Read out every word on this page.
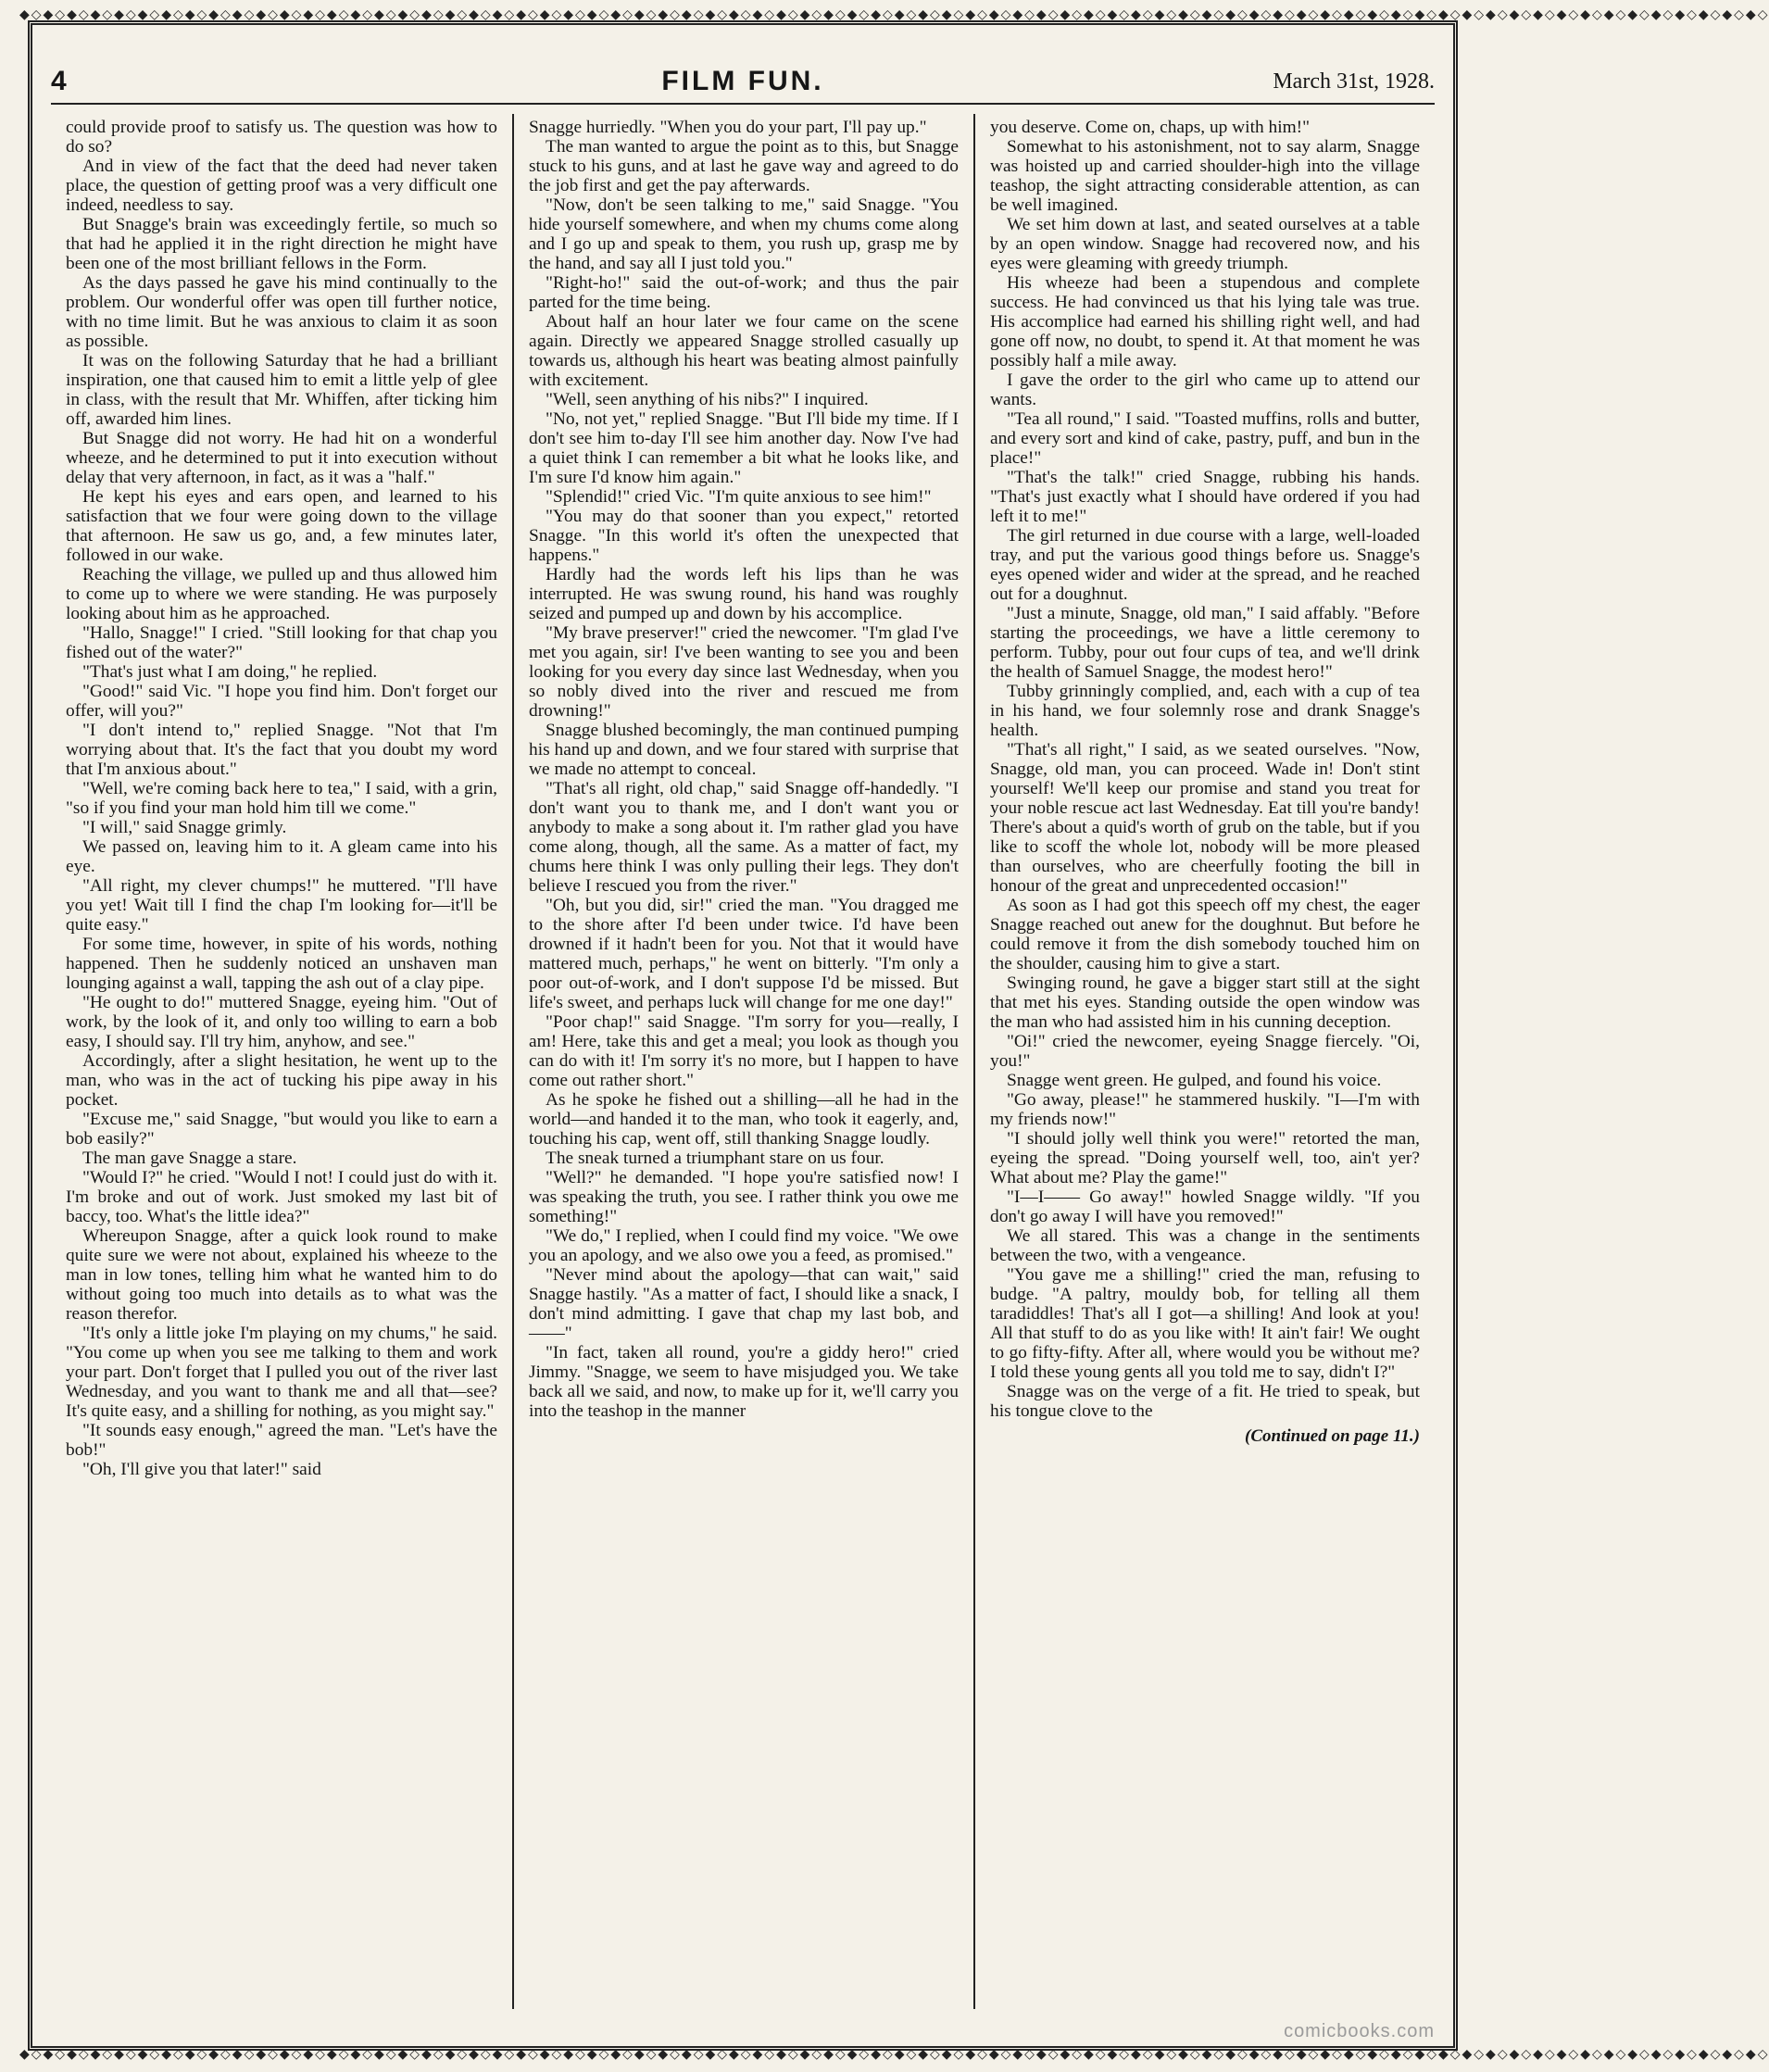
◆◇◆◇◆◇◆◇◆◇◆◇◆◇◆◇◆◇◆◇◆◇◆◇◆◇◆◇◆◇◆◇◆◇◆◇◆◇◆◇◆◇◆◇◆◇◆◇◆◇◆◇◆◇◆◇◆◇◆◇◆◇◆◇◆◇◆◇◆◇◆◇◆◇◆◇◆◇◆◇◆◇◆◇◆◇◆◇◆◇◆◇◆◇◆◇◆◇◆◇◆◇◆◇◆◇◆◇◆◇◆◇◆◇◆◇◆◇◆◇◆◇◆◇◆◇◆◇◆◇◆◇◆◇◆◇◆◇◆◇◆◇◆◇◆◇◆◇
◆◇◆◇◆◇◆◇◆◇◆◇◆◇◆◇◆◇◆◇◆◇◆◇◆◇◆◇◆◇◆◇◆◇◆◇◆◇◆◇◆◇◆◇◆◇◆◇◆◇◆◇◆◇◆◇◆◇◆◇◆◇◆◇◆◇◆◇◆◇◆◇◆◇◆◇◆◇◆◇◆◇◆◇◆◇◆◇◆◇◆◇◆◇◆◇◆◇◆◇◆◇◆◇◆◇◆◇◆◇◆◇◆◇◆◇◆◇◆◇◆◇◆◇◆◇◆◇◆◇◆◇◆◇◆◇◆◇◆◇◆◇◆◇◆◇◆◇
4	FILM FUN.	March 31st, 1928.

could provide proof to satisfy us. The question was how to do so?

And in view of the fact that the deed had never taken place, the question of getting proof was a very difficult one indeed, needless to say.

But Snagge's brain was exceedingly fertile, so much so that had he applied it in the right direction he might have been one of the most brilliant fellows in the Form.

As the days passed he gave his mind continually to the problem. Our wonderful offer was open till further notice, with no time limit. But he was anxious to claim it as soon as possible.

It was on the following Saturday that he had a brilliant inspiration, one that caused him to emit a little yelp of glee in class, with the result that Mr. Whiffen, after ticking him off, awarded him lines.

But Snagge did not worry. He had hit on a wonderful wheeze, and he determined to put it into execution without delay that very afternoon, in fact, as it was a "half."

He kept his eyes and ears open, and learned to his satisfaction that we four were going down to the village that afternoon. He saw us go, and, a few minutes later, followed in our wake.

Reaching the village, we pulled up and thus allowed him to come up to where we were standing. He was purposely looking about him as he approached.

"Hallo, Snagge!" I cried. "Still looking for that chap you fished out of the water?"

"That's just what I am doing," he replied.

"Good!" said Vic. "I hope you find him. Don't forget our offer, will you?"

"I don't intend to," replied Snagge. "Not that I'm worrying about that. It's the fact that you doubt my word that I'm anxious about."

"Well, we're coming back here to tea," I said, with a grin, "so if you find your man hold him till we come."

"I will," said Snagge grimly.

We passed on, leaving him to it. A gleam came into his eye.

"All right, my clever chumps!" he muttered. "I'll have you yet! Wait till I find the chap I'm looking for—it'll be quite easy."

For some time, however, in spite of his words, nothing happened. Then he suddenly noticed an unshaven man lounging against a wall, tapping the ash out of a clay pipe.

"He ought to do!" muttered Snagge, eyeing him. "Out of work, by the look of it, and only too willing to earn a bob easy, I should say. I'll try him, anyhow, and see."

Accordingly, after a slight hesitation, he went up to the man, who was in the act of tucking his pipe away in his pocket.

"Excuse me," said Snagge, "but would you like to earn a bob easily?"

The man gave Snagge a stare.

"Would I?" he cried. "Would I not! I could just do with it. I'm broke and out of work. Just smoked my last bit of baccy, too. What's the little idea?"

Whereupon Snagge, after a quick look round to make quite sure we were not about, explained his wheeze to the man in low tones, telling him what he wanted him to do without going too much into details as to what was the reason therefor.

"It's only a little joke I'm playing on my chums," he said. "You come up when you see me talking to them and work your part. Don't forget that I pulled you out of the river last Wednesday, and you want to thank me and all that—see? It's quite easy, and a shilling for nothing, as you might say."

"It sounds easy enough," agreed the man. "Let's have the bob!"

"Oh, I'll give you that later!" said

Snagge hurriedly. "When you do your part, I'll pay up."

The man wanted to argue the point as to this, but Snagge stuck to his guns, and at last he gave way and agreed to do the job first and get the pay afterwards.

"Now, don't be seen talking to me," said Snagge. "You hide yourself somewhere, and when my chums come along and I go up and speak to them, you rush up, grasp me by the hand, and say all I just told you."

"Right-ho!" said the out-of-work; and thus the pair parted for the time being.

About half an hour later we four came on the scene again. Directly we appeared Snagge strolled casually up towards us, although his heart was beating almost painfully with excitement.

"Well, seen anything of his nibs?" I inquired.

"No, not yet," replied Snagge. "But I'll bide my time. If I don't see him to-day I'll see him another day. Now I've had a quiet think I can remember a bit what he looks like, and I'm sure I'd know him again."

"Splendid!" cried Vic. "I'm quite anxious to see him!"

"You may do that sooner than you expect," retorted Snagge. "In this world it's often the unexpected that happens."

Hardly had the words left his lips than he was interrupted. He was swung round, his hand was roughly seized and pumped up and down by his accomplice.

"My brave preserver!" cried the newcomer. "I'm glad I've met you again, sir! I've been wanting to see you and been looking for you every day since last Wednesday, when you so nobly dived into the river and rescued me from drowning!"

Snagge blushed becomingly, the man continued pumping his hand up and down, and we four stared with surprise that we made no attempt to conceal.

"That's all right, old chap," said Snagge off-handedly. "I don't want you to thank me, and I don't want you or anybody to make a song about it. I'm rather glad you have come along, though, all the same. As a matter of fact, my chums here think I was only pulling their legs. They don't believe I rescued you from the river."

"Oh, but you did, sir!" cried the man. "You dragged me to the shore after I'd been under twice. I'd have been drowned if it hadn't been for you. Not that it would have mattered much, perhaps," he went on bitterly. "I'm only a poor out-of-work, and I don't suppose I'd be missed. But life's sweet, and perhaps luck will change for me one day!"

"Poor chap!" said Snagge. "I'm sorry for you—really, I am! Here, take this and get a meal; you look as though you can do with it! I'm sorry it's no more, but I happen to have come out rather short."

As he spoke he fished out a shilling—all he had in the world—and handed it to the man, who took it eagerly, and, touching his cap, went off, still thanking Snagge loudly.

The sneak turned a triumphant stare on us four.

"Well?" he demanded. "I hope you're satisfied now! I was speaking the truth, you see. I rather think you owe me something!"

"We do," I replied, when I could find my voice. "We owe you an apology, and we also owe you a feed, as promised."

"Never mind about the apology—that can wait," said Snagge hastily. "As a matter of fact, I should like a snack, I don't mind admitting. I gave that chap my last bob, and——"

"In fact, taken all round, you're a giddy hero!" cried Jimmy. "Snagge, we seem to have misjudged you. We take back all we said, and now, to make up for it, we'll carry you into the teashop in the manner

you deserve. Come on, chaps, up with him!"

Somewhat to his astonishment, not to say alarm, Snagge was hoisted up and carried shoulder-high into the village teashop, the sight attracting considerable attention, as can be well imagined.

We set him down at last, and seated ourselves at a table by an open window. Snagge had recovered now, and his eyes were gleaming with greedy triumph.

His wheeze had been a stupendous and complete success. He had convinced us that his lying tale was true. His accomplice had earned his shilling right well, and had gone off now, no doubt, to spend it. At that moment he was possibly half a mile away.

I gave the order to the girl who came up to attend our wants.

"Tea all round," I said. "Toasted muffins, rolls and butter, and every sort and kind of cake, pastry, puff, and bun in the place!"

"That's the talk!" cried Snagge, rubbing his hands. "That's just exactly what I should have ordered if you had left it to me!"

The girl returned in due course with a large, well-loaded tray, and put the various good things before us. Snagge's eyes opened wider and wider at the spread, and he reached out for a doughnut.

"Just a minute, Snagge, old man," I said affably. "Before starting the proceedings, we have a little ceremony to perform. Tubby, pour out four cups of tea, and we'll drink the health of Samuel Snagge, the modest hero!"

Tubby grinningly complied, and, each with a cup of tea in his hand, we four solemnly rose and drank Snagge's health.

"That's all right," I said, as we seated ourselves. "Now, Snagge, old man, you can proceed. Wade in! Don't stint yourself! We'll keep our promise and stand you treat for your noble rescue act last Wednesday. Eat till you're bandy! There's about a quid's worth of grub on the table, but if you like to scoff the whole lot, nobody will be more pleased than ourselves, who are cheerfully footing the bill in honour of the great and unprecedented occasion!"

As soon as I had got this speech off my chest, the eager Snagge reached out anew for the doughnut. But before he could remove it from the dish somebody touched him on the shoulder, causing him to give a start.

Swinging round, he gave a bigger start still at the sight that met his eyes. Standing outside the open window was the man who had assisted him in his cunning deception.

"Oi!" cried the newcomer, eyeing Snagge fiercely. "Oi, you!"

Snagge went green. He gulped, and found his voice.

"Go away, please!" he stammered huskily. "I—I'm with my friends now!"

"I should jolly well think you were!" retorted the man, eyeing the spread. "Doing yourself well, too, ain't yer? What about me? Play the game!"

"I—I—— Go away!" howled Snagge wildly. "If you don't go away I will have you removed!"

We all stared. This was a change in the sentiments between the two, with a vengeance.

"You gave me a shilling!" cried the man, refusing to budge. "A paltry, mouldy bob, for telling all them taradiddles! That's all I got—a shilling! And look at you! All that stuff to do as you like with! It ain't fair! We ought to go fifty-fifty. After all, where would you be without me? I told these young gents all you told me to say, didn't I?"

Snagge was on the verge of a fit. He tried to speak, but his tongue clove to the

(Continued on page 11.)

comicbooks.com
